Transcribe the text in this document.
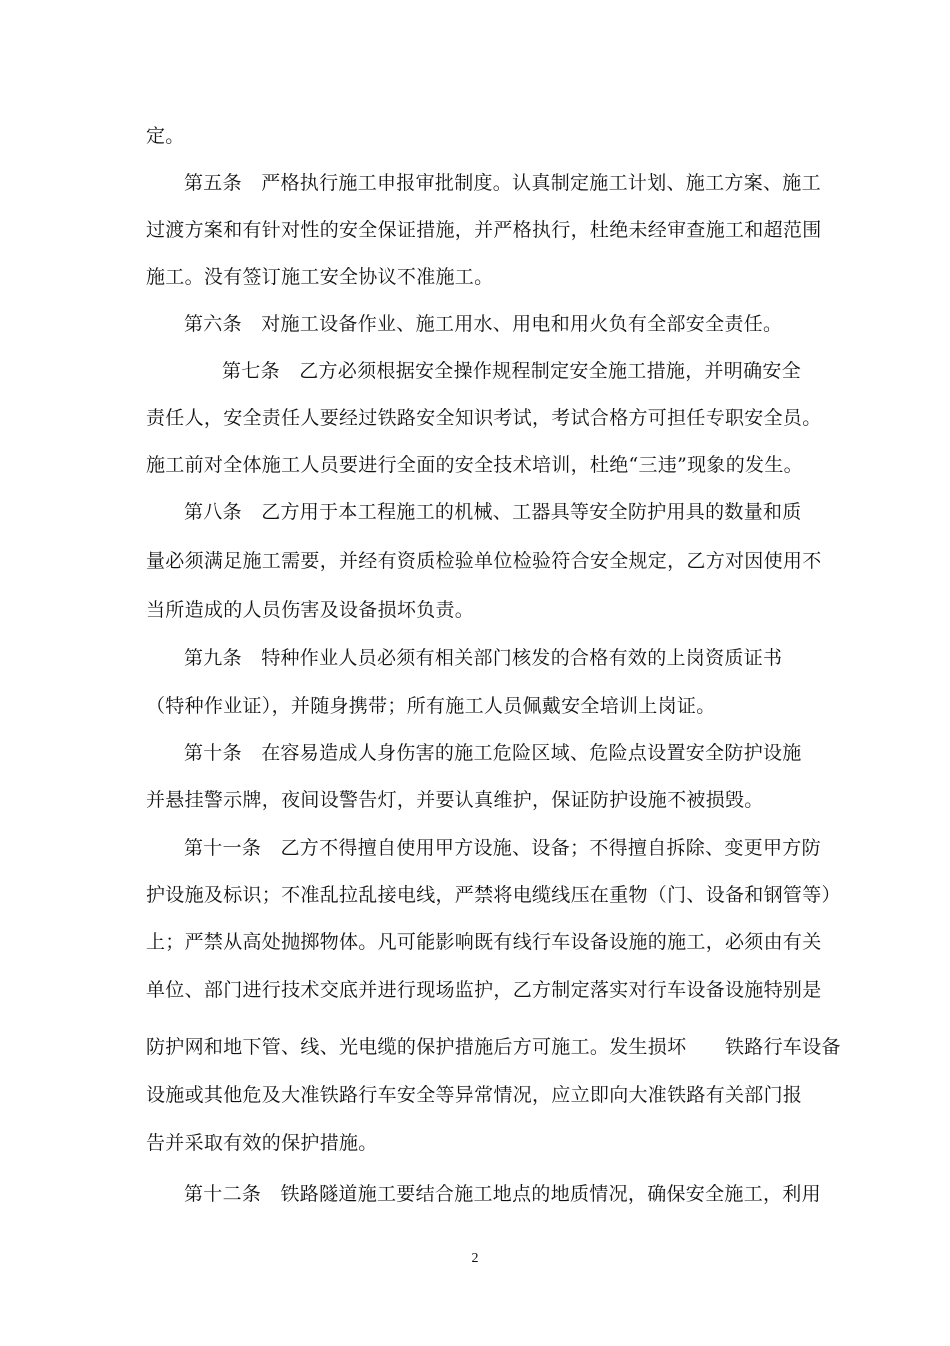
定。
第五条　严格执行施工申报审批制度。认真制定施工计划、施工方案、施工
过渡方案和有针对性的安全保证措施，并严格执行，杜绝未经审查施工和超范围
施工。没有签订施工安全协议不准施工。
第六条　对施工设备作业、施工用水、用电和用火负有全部安全责任。
第七条　乙方必须根据安全操作规程制定安全施工措施，并明确安全
责任人，安全责任人要经过铁路安全知识考试，考试合格方可担任专职安全员。
施工前对全体施工人员要进行全面的安全技术培训，杜绝“三违”现象的发生。
第八条　乙方用于本工程施工的机械、工器具等安全防护用具的数量和质
量必须满足施工需要，并经有资质检验单位检验符合安全规定，乙方对因使用不
当所造成的人员伤害及设备损坏负责。
第九条　特种作业人员必须有相关部门核发的合格有效的上岗资质证书
（特种作业证），并随身携带；所有施工人员佩戴安全培训上岗证。
第十条　在容易造成人身伤害的施工危险区域、危险点设置安全防护设施
并悬挂警示牌，夜间设警告灯，并要认真维护，保证防护设施不被损毁。
第十一条　乙方不得擅自使用甲方设施、设备；不得擅自拆除、变更甲方防
护设施及标识；不准乱拉乱接电线，严禁将电缆线压在重物（门、设备和钢管等）
上；严禁从高处抛掷物体。凡可能影响既有线行车设备设施的施工，必须由有关
单位、部门进行技术交底并进行现场监护，乙方制定落实对行车设备设施特别是
防护网和地下管、线、光电缆的保护措施后方可施工。发生损坏　　铁路行车设备
设施或其他危及大准铁路行车安全等异常情况，应立即向大准铁路有关部门报
告并采取有效的保护措施。
第十二条　铁路隧道施工要结合施工地点的地质情况，确保安全施工，利用
2
